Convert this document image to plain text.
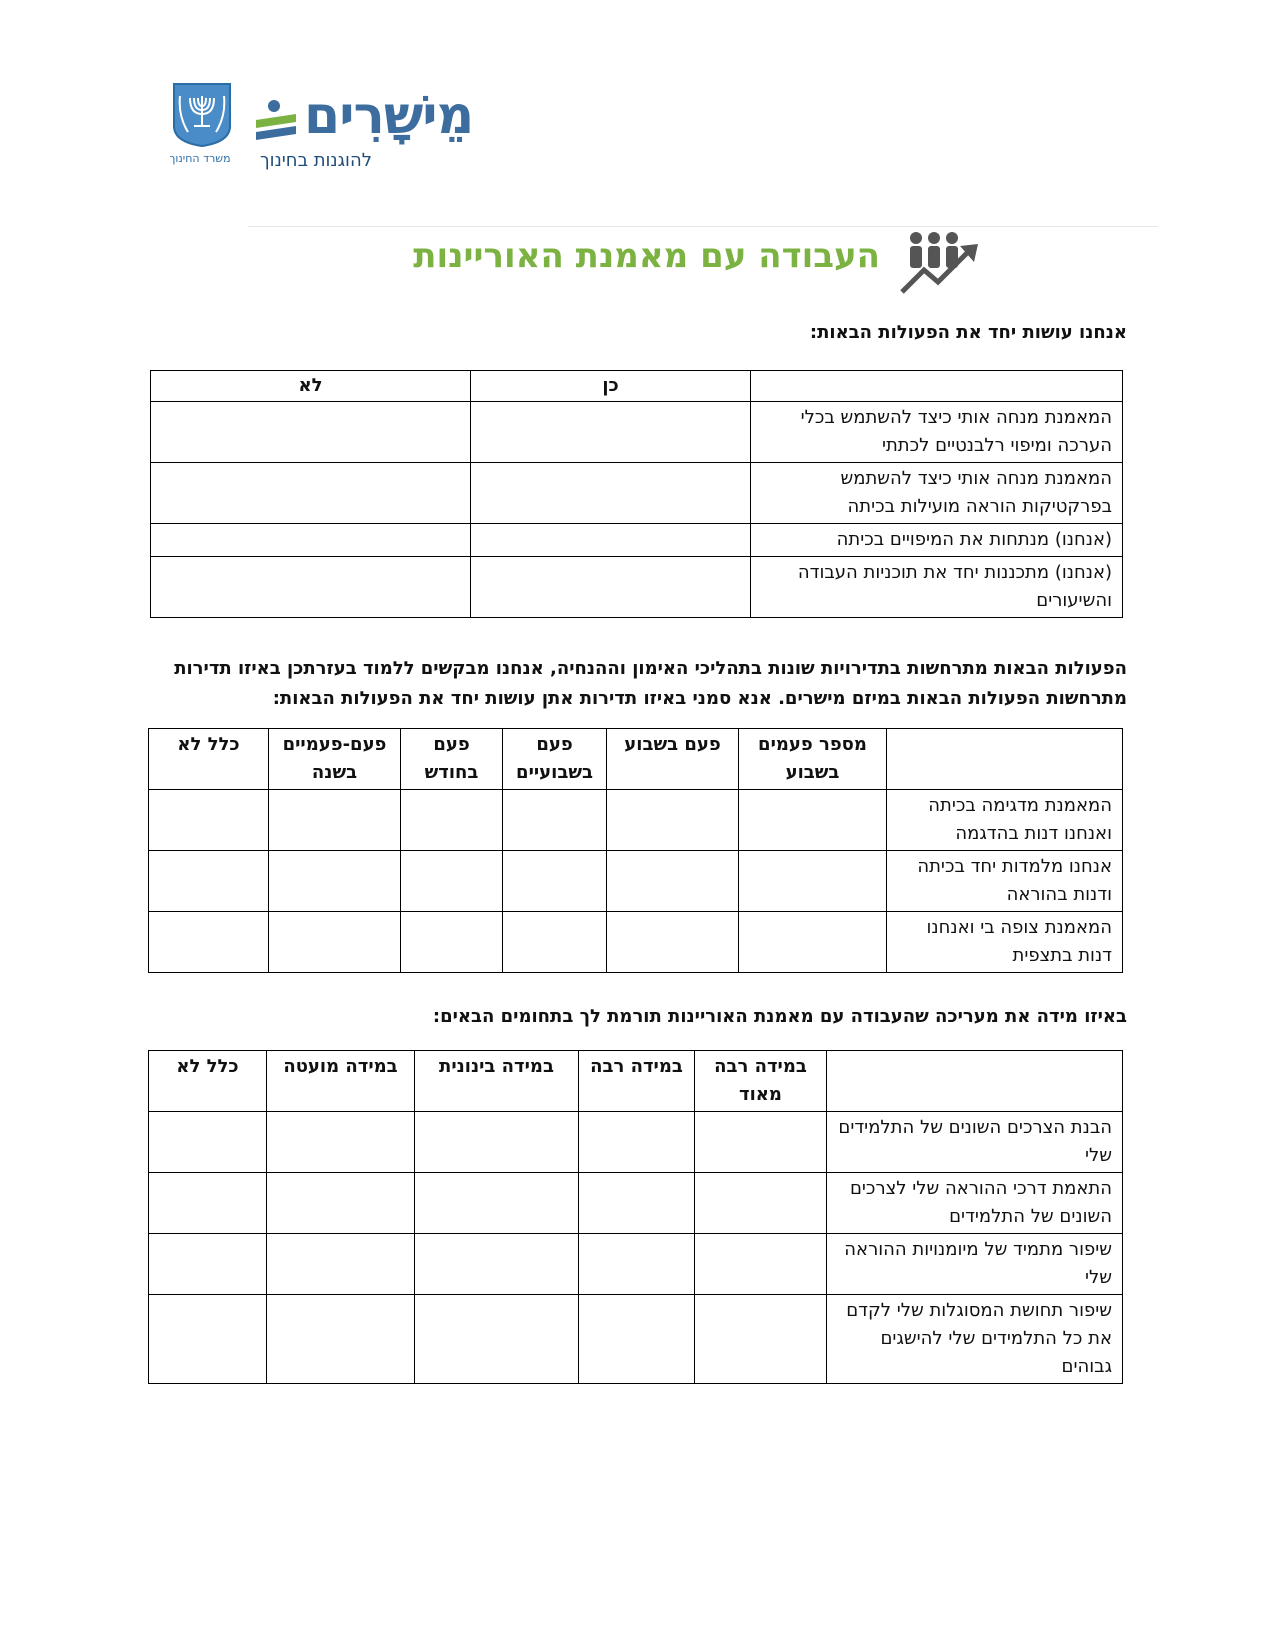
משרד החינוך
מֵישָׁרִים
להוגנות בחינוך
העבודה עם מאמנת האוריינות
אנחנו עושות יחד את הפעולות הבאות:
	כן	לא
המאמנת מנחה אותי כיצד להשתמש בכלי הערכה ומיפוי רלבנטיים לכתתי		
המאמנת מנחה אותי כיצד להשתמש בפרקטיקות הוראה מועילות בכיתה		
(אנחנו) מנתחות את המיפויים בכיתה		
(אנחנו) מתכננות יחד את תוכניות העבודה והשיעורים		
הפעולות הבאות מתרחשות בתדירויות שונות בתהליכי האימון וההנחיה, אנחנו מבקשים ללמוד בעזרתכן באיזו תדירות מתרחשות הפעולות הבאות במיזם מישרים. אנא סמני באיזו תדירות אתן עושות יחד את הפעולות הבאות:
	מספר פעמים בשבוע	פעם בשבוע	פעם בשבועיים	פעם בחודש	פעם-פעמיים בשנה	כלל לא
המאמנת מדגימה בכיתה ואנחנו דנות בהדגמה						
אנחנו מלמדות יחד בכיתה ודנות בהוראה						
המאמנת צופה בי ואנחנו דנות בתצפית						
באיזו מידה את מעריכה שהעבודה עם מאמנת האוריינות תורמת לך בתחומים הבאים:
	במידה רבה מאוד	במידה רבה	במידה בינונית	במידה מועטה	כלל לא
הבנת הצרכים השונים של התלמידים שלי					
התאמת דרכי ההוראה שלי לצרכים השונים של התלמידים					
שיפור מתמיד של מיומנויות ההוראה שלי					
שיפור תחושת המסוגלות שלי לקדם את כל התלמידים שלי להישגים גבוהים					
